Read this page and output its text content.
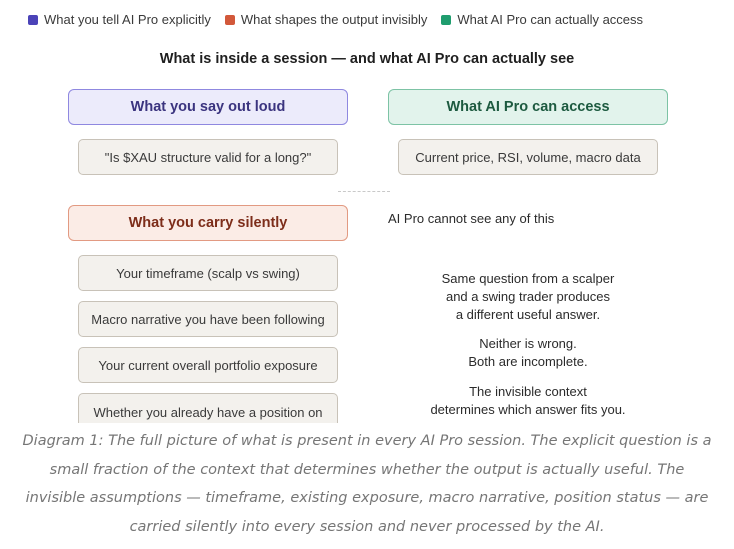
What you tell AI Pro explicitly What shapes the output invisibly What AI Pro can actually access
What is inside a session — and what AI Pro can actually see
What you say out loud	What AI Pro can access
"Is $XAU structure valid for a long?"	Current price, RSI, volume, macro data
What you carry silently	AI Pro cannot see any of this
Your timeframe (scalp vs swing)
Macro narrative you have been following
Your current overall portfolio exposure
Whether you already have a position on
Same question from a scalper
and a swing trader produces
a different useful answer.
Neither is wrong.
Both are incomplete.
The invisible context
determines which answer fits you.
Diagram 1: The full picture of what is present in every AI Pro session. The explicit question is a small fraction of the context that determines whether the output is actually useful. The invisible assumptions — timeframe, existing exposure, macro narrative, position status — are carried silently into every session and never processed by the AI.
